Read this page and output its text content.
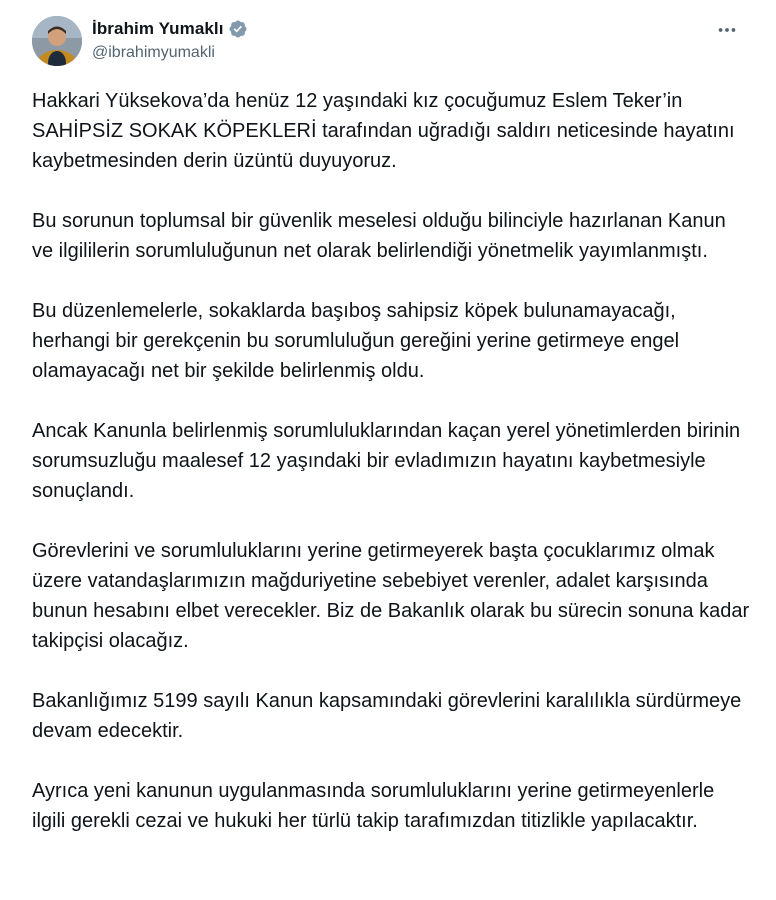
İbrahim Yumaklı
@ibrahimyumakli

Hakkari Yüksekova’da henüz 12 yaşındaki kız çocuğumuz Eslem Teker’in SAHİPSİZ SOKAK KÖPEKLERİ tarafından uğradığı saldırı neticesinde hayatını kaybetmesinden derin üzüntü duyuyoruz.

Bu sorunun toplumsal bir güvenlik meselesi olduğu bilinciyle hazırlanan Kanun ve ilgililerin sorumluluğunun net olarak belirlendiği yönetmelik yayımlanmıştı.

Bu düzenlemelerle, sokaklarda başıboş sahipsiz köpek bulunamayacağı, herhangi bir gerekçenin bu sorumluluğun gereğini yerine getirmeye engel olamayacağı net bir şekilde belirlenmiş oldu.

Ancak Kanunla belirlenmiş sorumluluklarından kaçan yerel yönetimlerden birinin sorumsuzluğu maalesef 12 yaşındaki bir evladımızın hayatını kaybetmesiyle sonuçlandı.

Görevlerini ve sorumluluklarını yerine getirmeyerek başta çocuklarımız olmak üzere vatandaşlarımızın mağduriyetine sebebiyet verenler, adalet karşısında bunun hesabını elbet verecekler. Biz de Bakanlık olarak bu sürecin sonuna kadar takipçisi olacağız.

Bakanlığımız 5199 sayılı Kanun kapsamındaki görevlerini karalılıkla sürdürmeye devam edecektir.

Ayrıca yeni kanunun uygulanmasında sorumluluklarını yerine getirmeyenlerle ilgili gerekli cezai ve hukuki her türlü takip tarafımızdan titizlikle yapılacaktır.
